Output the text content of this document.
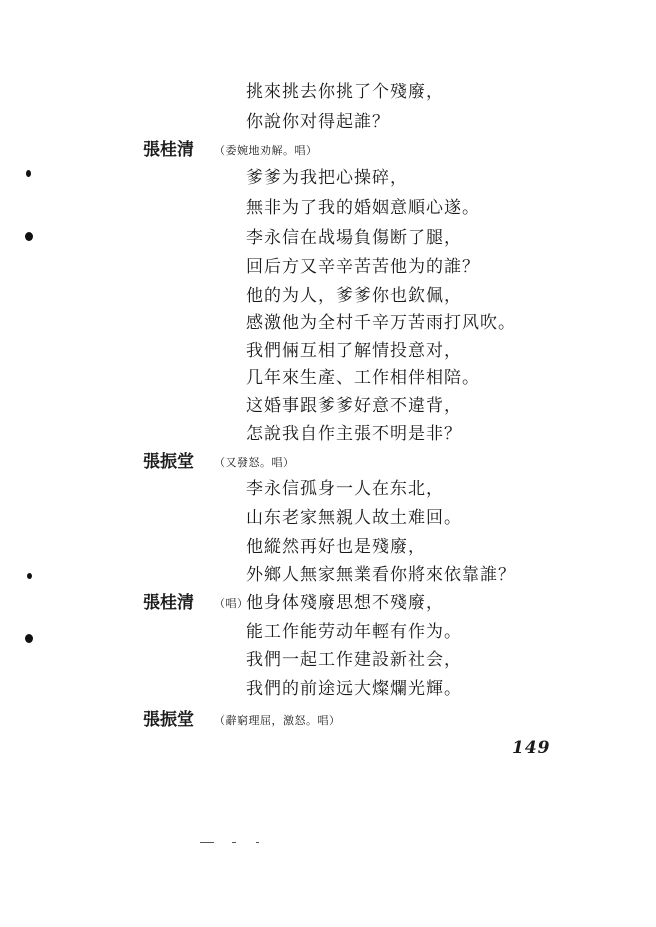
挑來挑去你挑了个殘廢，
你說你对得起誰？
張桂清 （委婉地劝解。唱）
爹爹为我把心操碎，
無非为了我的婚姻意順心遂。
李永信在战場負傷断了腿，
回后方又辛辛苦苦他为的誰？
他的为人，爹爹你也欽佩，
感激他为全村千辛万苦雨打风吹。
我們倆互相了解情投意对，
几年來生產、工作相伴相陪。
这婚事跟爹爹好意不違背，
怎說我自作主張不明是非？
張振堂 （又發怒。唱）
李永信孤身一人在东北，
山东老家無親人故土难回。
他縱然再好也是殘廢，
外鄉人無家無業看你將來依靠誰？
張桂清 （唱）
他身体殘廢思想不殘廢，
能工作能劳动年輕有作为。
我們一起工作建設新社会，
我們的前途远大燦爛光輝。
張振堂 （辭窮理屈，激怒。唱）
149
